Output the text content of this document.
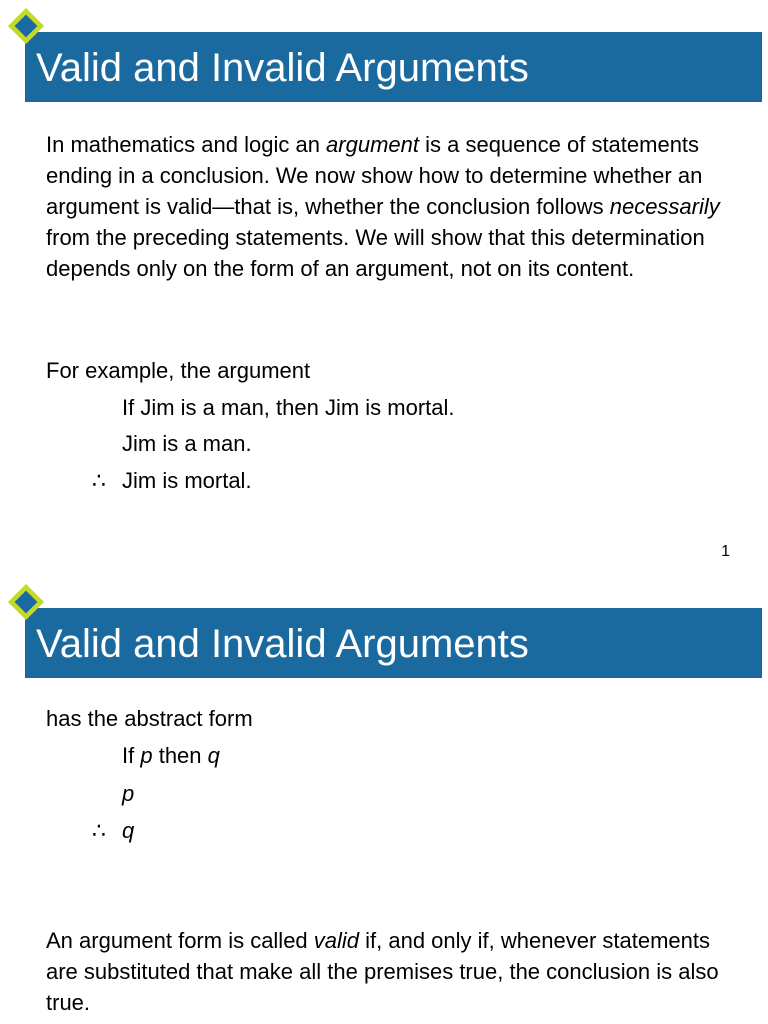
Valid and Invalid Arguments

In mathematics and logic an argument is a sequence of statements ending in a conclusion. We now show how to determine whether an argument is valid—that is, whether the conclusion follows necessarily from the preceding statements. We will show that this determination depends only on the form of an argument, not on its content.

For example, the argument

If Jim is a man, then Jim is mortal.

Jim is a man.

∴ Jim is mortal.

1
Valid and Invalid Arguments

has the abstract form

If p then q

p

∴ q

An argument form is called valid if, and only if, whenever statements are substituted that make all the premises true, the conclusion is also true.
